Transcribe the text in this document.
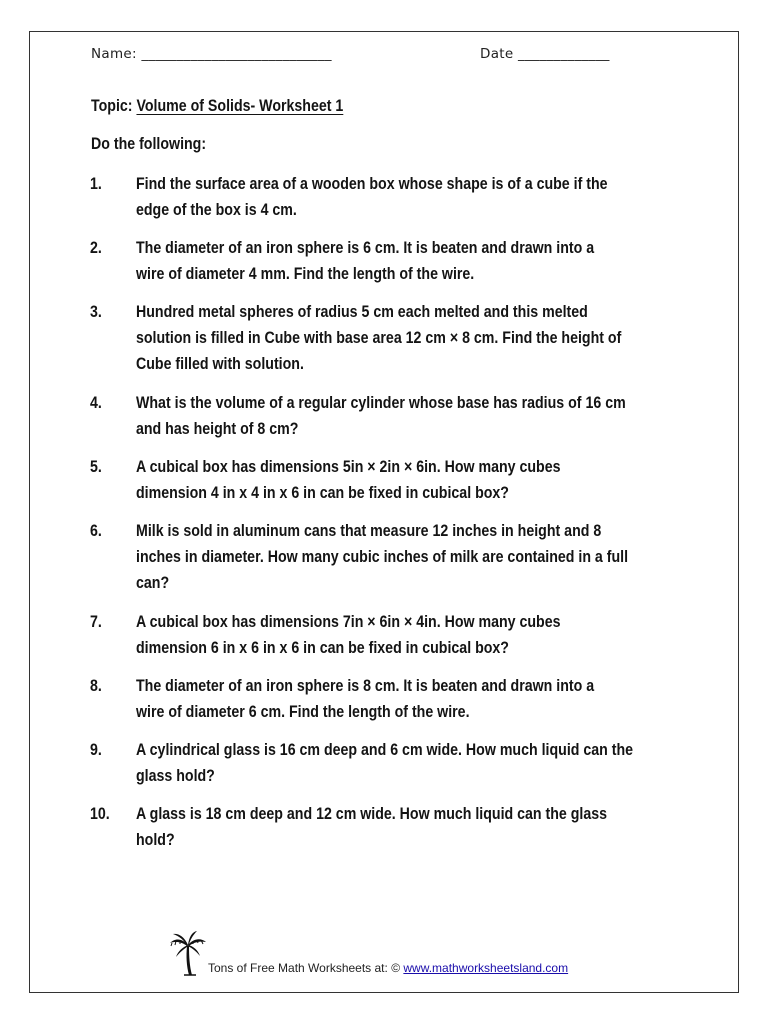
Name: ___________________________	Date _____________
Topic: Volume of Solids- Worksheet 1
Do the following:
1. Find the surface area of a wooden box whose shape is of a cube if the
edge of the box is 4 cm.
2. The diameter of an iron sphere is 6 cm. It is beaten and drawn into a
wire of diameter 4 mm. Find the length of the wire.
3. Hundred metal spheres of radius 5 cm each melted and this melted
solution is filled in Cube with base area 12 cm × 8 cm. Find the height of
Cube filled with solution.
4. What is the volume of a regular cylinder whose base has radius of 16 cm
and has height of 8 cm?
5. A cubical box has dimensions 5in × 2in × 6in. How many cubes
dimension 4 in x 4 in x 6 in can be fixed in cubical box?
6. Milk is sold in aluminum cans that measure 12 inches in height and 8
inches in diameter. How many cubic inches of milk are contained in a full
can?
7. A cubical box has dimensions 7in × 6in × 4in. How many cubes
dimension 6 in x 6 in x 6 in can be fixed in cubical box?
8. The diameter of an iron sphere is 8 cm. It is beaten and drawn into a
wire of diameter 6 cm. Find the length of the wire.
9. A cylindrical glass is 16 cm deep and 6 cm wide. How much liquid can the
glass hold?
10. A glass is 18 cm deep and 12 cm wide. How much liquid can the glass
hold?
Tons of Free Math Worksheets at: © www.mathworksheetsland.com
